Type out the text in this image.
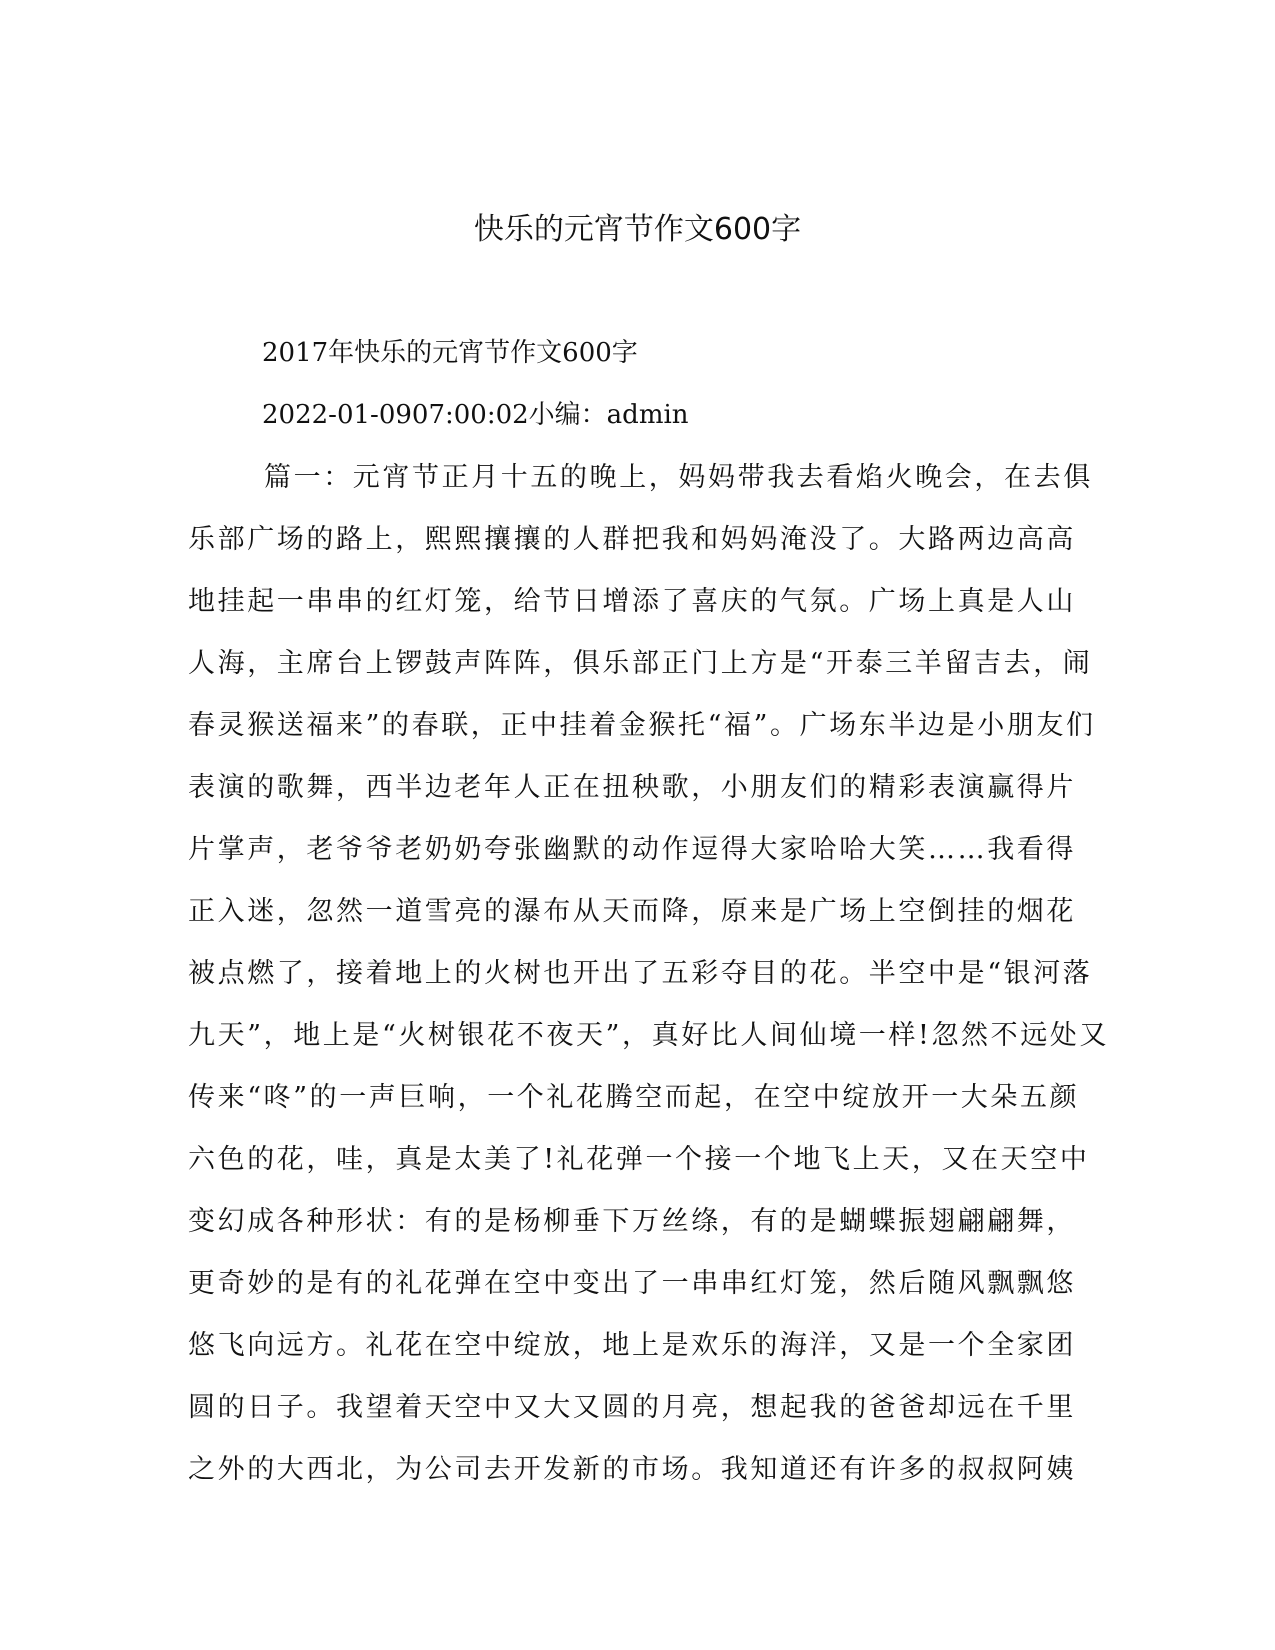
快乐的元宵节作文600字
2017年快乐的元宵节作文600字
2022-01-0907:00:02小编：admin
篇一：元宵节正月十五的晚上，妈妈带我去看焰火晚会，在去俱
乐部广场的路上，熙熙攘攘的人群把我和妈妈淹没了。大路两边高高
地挂起一串串的红灯笼，给节日增添了喜庆的气氛。广场上真是人山
人海，主席台上锣鼓声阵阵，俱乐部正门上方是“开泰三羊留吉去，闹
春灵猴送福来”的春联，正中挂着金猴托“福”。广场东半边是小朋友们
表演的歌舞，西半边老年人正在扭秧歌，小朋友们的精彩表演赢得片
片掌声，老爷爷老奶奶夸张幽默的动作逗得大家哈哈大笑……我看得
正入迷，忽然一道雪亮的瀑布从天而降，原来是广场上空倒挂的烟花
被点燃了，接着地上的火树也开出了五彩夺目的花。半空中是“银河落
九天”，地上是“火树银花不夜天”，真好比人间仙境一样!忽然不远处又
传来“咚”的一声巨响，一个礼花腾空而起，在空中绽放开一大朵五颜
六色的花，哇，真是太美了!礼花弹一个接一个地飞上天，又在天空中
变幻成各种形状：有的是杨柳垂下万丝绦，有的是蝴蝶振翅翩翩舞，
更奇妙的是有的礼花弹在空中变出了一串串红灯笼，然后随风飘飘悠
悠飞向远方。礼花在空中绽放，地上是欢乐的海洋，又是一个全家团
圆的日子。我望着天空中又大又圆的月亮，想起我的爸爸却远在千里
之外的大西北，为公司去开发新的市场。我知道还有许多的叔叔阿姨
